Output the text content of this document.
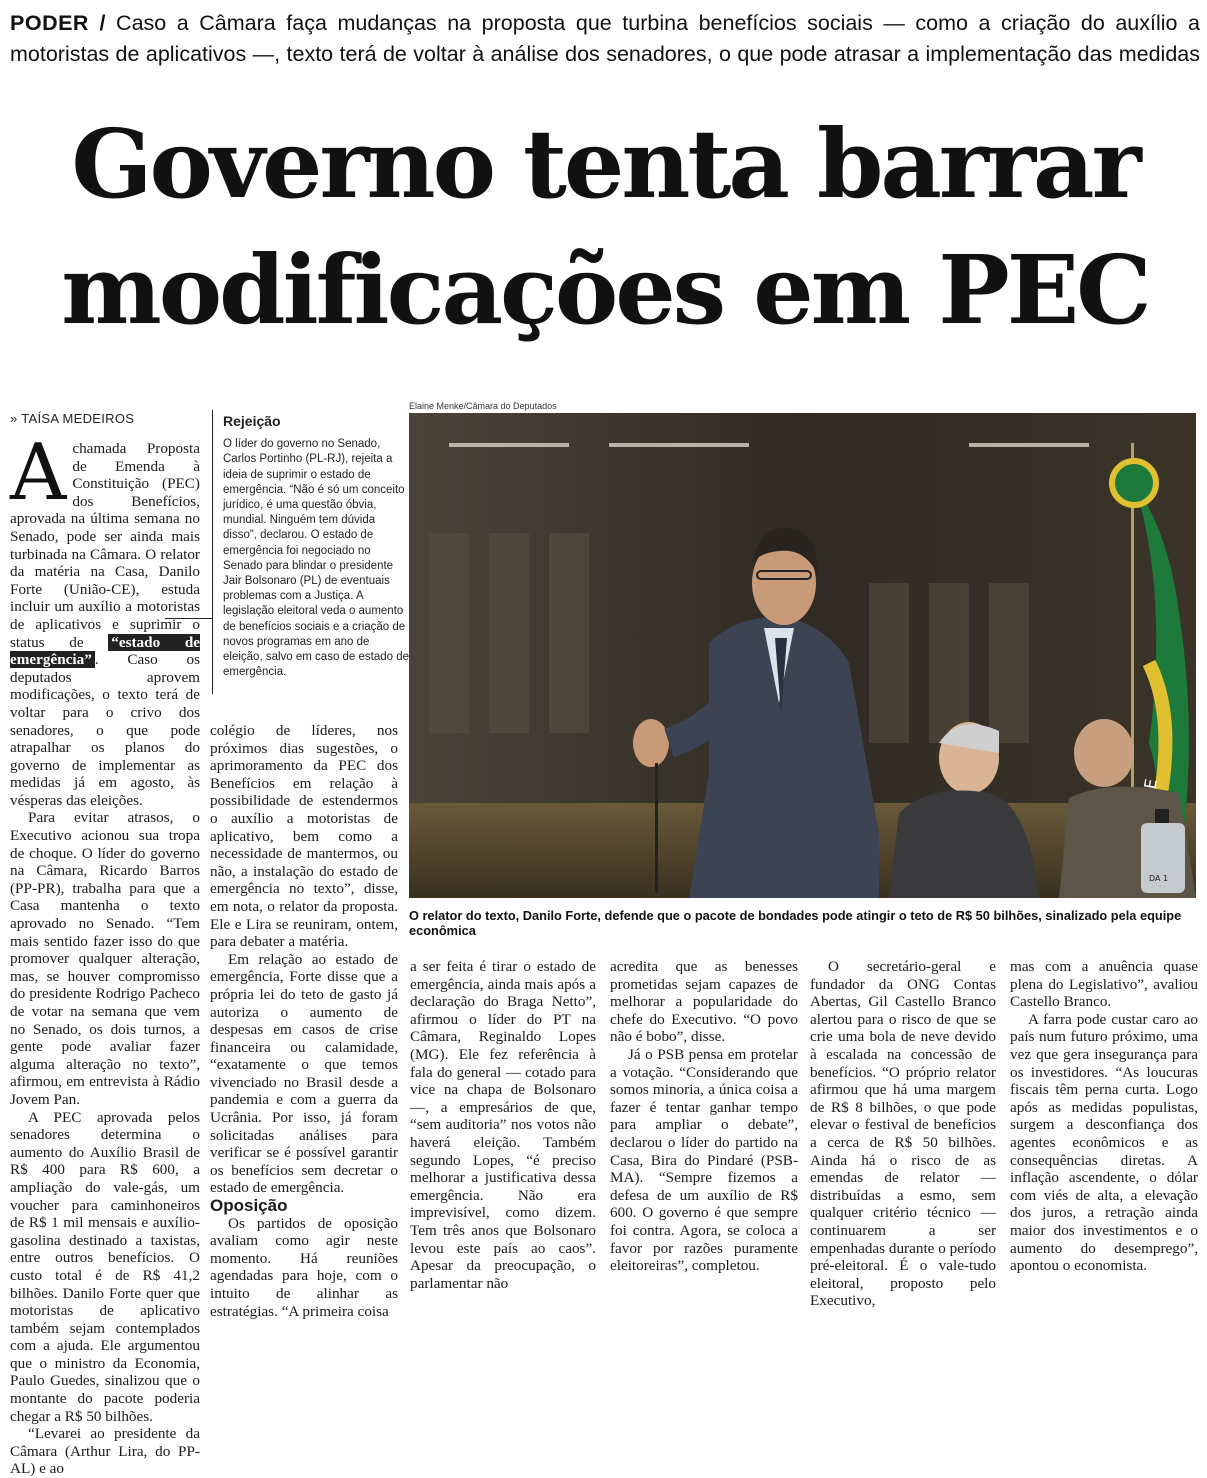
PODER / Caso a Câmara faça mudanças na proposta que turbina benefícios sociais — como a criação do auxílio a motoristas de aplicativos —, texto terá de voltar à análise dos senadores, o que pode atrasar a implementação das medidas
Governo tenta barrar
modificações em PEC
» TAÍSA MEDEIROS

Achamada Proposta de Emenda à Constituição (PEC) dos Benefícios, aprovada na última semana no Senado, pode ser ainda mais turbinada na Câmara. O relator da matéria na Casa, Danilo Forte (União-CE), estuda incluir um auxílio a motoristas de aplicativos e suprimir o status de “estado de emergência” . Caso os deputados aprovem modificações, o texto terá de voltar para o crivo dos senadores, o que pode atrapalhar os planos do governo de implementar as medidas já em agosto, às vésperas das eleições.

Para evitar atrasos, o Executivo acionou sua tropa de choque. O líder do governo na Câmara, Ricardo Barros (PP-PR), trabalha para que a Casa mantenha o texto aprovado no Senado. “Tem mais sentido fazer isso do que promover qualquer alteração, mas, se houver compromisso do presidente Rodrigo Pacheco de votar na semana que vem no Senado, os dois turnos, a gente pode avaliar fazer alguma alteração no texto”, afirmou, em entrevista à Rádio Jovem Pan.

A PEC aprovada pelos senadores determina o aumento do Auxílio Brasil de R$ 400 para R$ 600, a ampliação do vale-gás, um voucher para caminhoneiros de R$ 1 mil mensais e auxílio-gasolina destinado a taxistas, entre outros benefícios. O custo total é de R$ 41,2 bilhões. Danilo Forte quer que motoristas de aplicativo também sejam contemplados com a ajuda. Ele argumentou que o ministro da Economia, Paulo Guedes, sinalizou que o montante do pacote poderia chegar a R$ 50 bilhões.

“Levarei ao presidente da Câmara (Arthur Lira, do PP-AL) e ao

Rejeição
O líder do governo no Senado, Carlos Portinho (PL-RJ), rejeita a ideia de suprimir o estado de emergência. “Não é só um conceito jurídico, é uma questão óbvia, mundial. Ninguém tem dúvida disso”, declarou. O estado de emergência foi negociado no Senado para blindar o presidente Jair Bolsonaro (PL) de eventuais problemas com a Justiça. A legislação eleitoral veda o aumento de benefícios sociais e a criação de novos programas em ano de eleição, salvo em caso de estado de emergência.

colégio de líderes, nos próximos dias sugestões, o aprimoramento da PEC dos Benefícios em relação à possibilidade de estendermos o auxílio a motoristas de aplicativo, bem como a necessidade de mantermos, ou não, a instalação do estado de emergência no texto”, disse, em nota, o relator da proposta. Ele e Lira se reuniram, ontem, para debater a matéria.

Em relação ao estado de emergência, Forte disse que a própria lei do teto de gasto já autoriza o aumento de despesas em casos de crise financeira ou calamidade, “exatamente o que temos vivenciado no Brasil desde a pandemia e com a guerra da Ucrânia. Por isso, já foram solicitadas análises para verificar se é possível garantir os benefícios sem decretar o estado de emergência.

Oposição

Os partidos de oposição avaliam como agir neste momento. Há reuniões agendadas para hoje, com o intuito de alinhar as estratégias. “A primeira coisa

Elaine Menke/Câmara do Deputados
DA 1
O relator do texto, Danilo Forte, defende que o pacote de bondades pode atingir o teto de R$ 50 bilhões, sinalizado pela equipe econômica

a ser feita é tirar o estado de emergência, ainda mais após a declaração do Braga Netto”, afirmou o líder do PT na Câmara, Reginaldo Lopes (MG). Ele fez referência à fala do general — cotado para vice na chapa de Bolsonaro —, a empresários de que, “sem auditoria” nos votos não haverá eleição. Também segundo Lopes, “é preciso melhorar a justificativa dessa emergência. Não era imprevisível, como dizem. Tem três anos que Bolsonaro levou este país ao caos”. Apesar da preocupação, o parlamentar não

acredita que as benesses prometidas sejam capazes de melhorar a popularidade do chefe do Executivo. “O povo não é bobo”, disse.

Já o PSB pensa em protelar a votação. “Considerando que somos minoria, a única coisa a fazer é tentar ganhar tempo para ampliar o debate”, declarou o líder do partido na Casa, Bira do Pindaré (PSB-MA). “Sempre fizemos a defesa de um auxílio de R$ 600. O governo é que sempre foi contra. Agora, se coloca a favor por razões puramente eleitoreiras”, completou.

O secretário-geral e fundador da ONG Contas Abertas, Gil Castello Branco alertou para o risco de que se crie uma bola de neve devido à escalada na concessão de benefícios. “O próprio relator afirmou que há uma margem de R$ 8 bilhões, o que pode elevar o festival de benefícios a cerca de R$ 50 bilhões. Ainda há o risco de as emendas de relator — distribuídas a esmo, sem qualquer critério técnico — continuarem a ser empenhadas durante o período pré-eleitoral. É o vale-tudo eleitoral, proposto pelo Executivo,

mas com a anuência quase plena do Legislativo”, avaliou Castello Branco.

A farra pode custar caro ao país num futuro próximo, uma vez que gera insegurança para os investidores. “As loucuras fiscais têm perna curta. Logo após as medidas populistas, surgem a desconfiança dos agentes econômicos e as consequências diretas. A inflação ascendente, o dólar com viés de alta, a elevação dos juros, a retração ainda maior dos investimentos e o aumento do desemprego”, apontou o economista.
